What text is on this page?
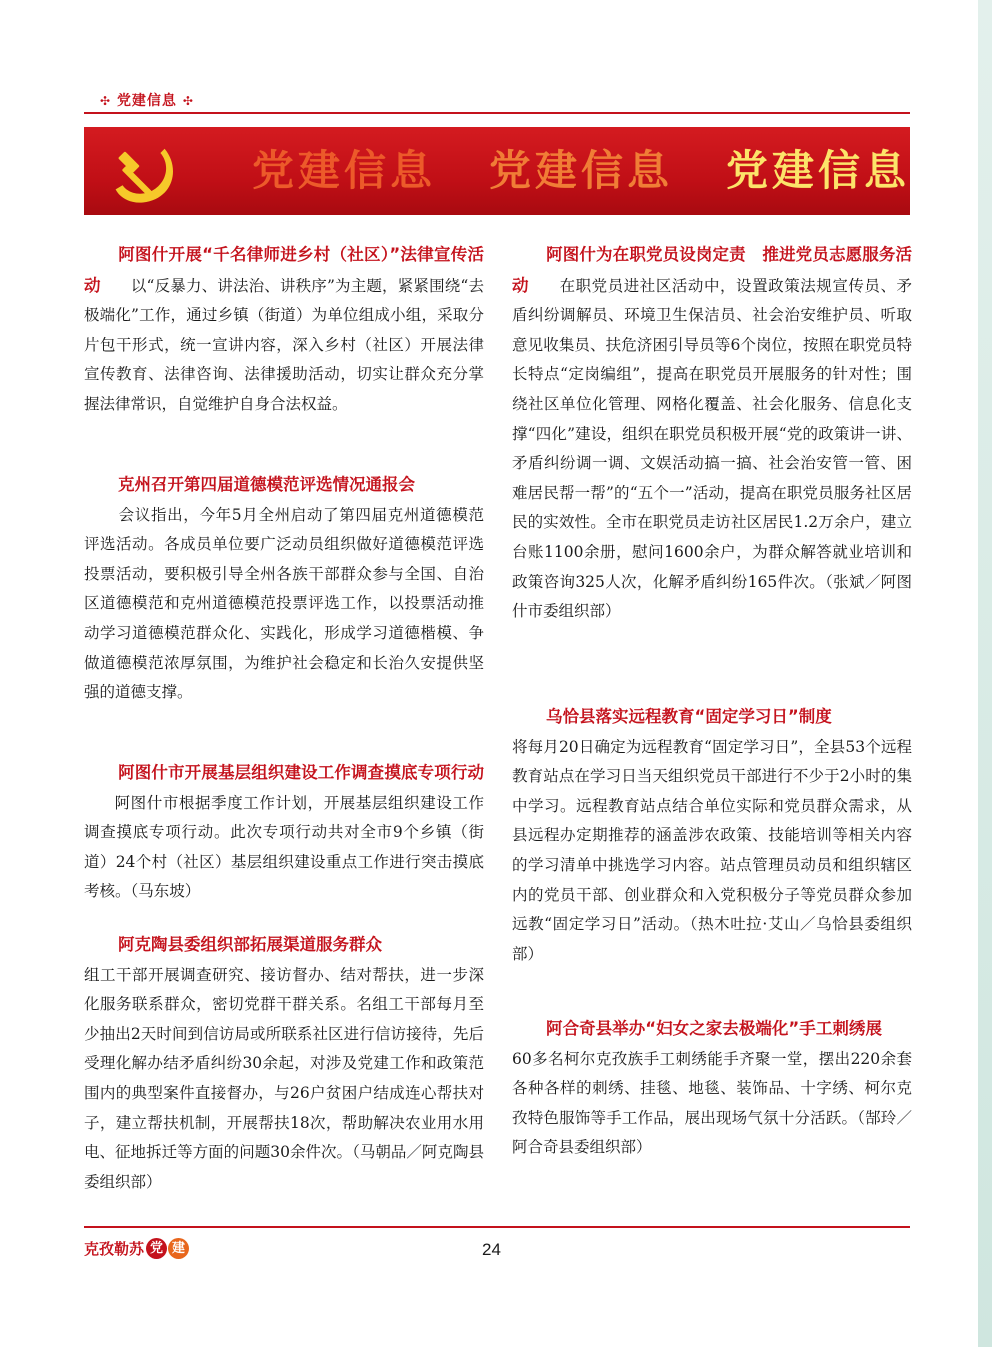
✣ 党建信息 ✣
党建信息 党建信息 党建信息
阿图什开展“千名律师进乡村（社区）”法律宣传活动 以“反暴力、讲法治、讲秩序”为主题，紧紧围绕“去极端化”工作，通过乡镇（街道）为单位组成小组，采取分片包干形式，统一宣讲内容，深入乡村（社区）开展法律宣传教育、法律咨询、法律援助活动，切实让群众充分掌握法律常识，自觉维护自身合法权益。
克州召开第四届道德模范评选情况通报会
会议指出，今年5月全州启动了第四届克州道德模范评选活动。各成员单位要广泛动员组织做好道德模范评选投票活动，要积极引导全州各族干部群众参与全国、自治区道德模范和克州道德模范投票评选工作，以投票活动推动学习道德模范群众化、实践化，形成学习道德楷模、争做道德模范浓厚氛围，为维护社会稳定和长治久安提供坚强的道德支撑。
阿图什市开展基层组织建设工作调查摸底专项行动阿图什市根据季度工作计划，开展基层组织建设工作调查摸底专项行动。此次专项行动共对全市9个乡镇（街道）24个村（社区）基层组织建设重点工作进行突击摸底考核。（马东坡）
阿克陶县委组织部拓展渠道服务群众
组工干部开展调查研究、接访督办、结对帮扶，进一步深化服务联系群众，密切党群干群关系。名组工干部每月至少抽出2天时间到信访局或所联系社区进行信访接待，先后受理化解办结矛盾纠纷30余起，对涉及党建工作和政策范围内的典型案件直接督办，与26户贫困户结成连心帮扶对子，建立帮扶机制，开展帮扶18次，帮助解决农业用水用电、征地拆迁等方面的问题30余件次。（马朝品／阿克陶县委组织部）
阿图什为在职党员设岗定责　推进党员志愿服务活动 在职党员进社区活动中，设置政策法规宣传员、矛盾纠纷调解员、环境卫生保洁员、社会治安维护员、听取意见收集员、扶危济困引导员等6个岗位，按照在职党员特长特点“定岗编组”，提高在职党员开展服务的针对性；围绕社区单位化管理、网格化覆盖、社会化服务、信息化支撑“四化”建设，组织在职党员积极开展“党的政策讲一讲、矛盾纠纷调一调、文娱活动搞一搞、社会治安管一管、困难居民帮一帮”的“五个一”活动，提高在职党员服务社区居民的实效性。全市在职党员走访社区居民1.2万余户，建立台账1100余册，慰问1600余户，为群众解答就业培训和政策咨询325人次，化解矛盾纠纷165件次。（张斌／阿图什市委组织部）
乌恰县落实远程教育“固定学习日”制度
将每月20日确定为远程教育“固定学习日”，全县53个远程教育站点在学习日当天组织党员干部进行不少于2小时的集中学习。远程教育站点结合单位实际和党员群众需求，从县远程办定期推荐的涵盖涉农政策、技能培训等相关内容的学习清单中挑选学习内容。站点管理员动员和组织辖区内的党员干部、创业群众和入党积极分子等党员群众参加远教“固定学习日”活动。（热木吐拉·艾山／乌恰县委组织部）
阿合奇县举办“妇女之家去极端化”手工刺绣展60多名柯尔克孜族手工刺绣能手齐聚一堂，摆出220余套各种各样的刺绣、挂毯、地毯、装饰品、十字绣、柯尔克孜特色服饰等手工作品，展出现场气氛十分活跃。（郜玲／阿合奇县委组织部）
克孜勒苏 党 建	24
